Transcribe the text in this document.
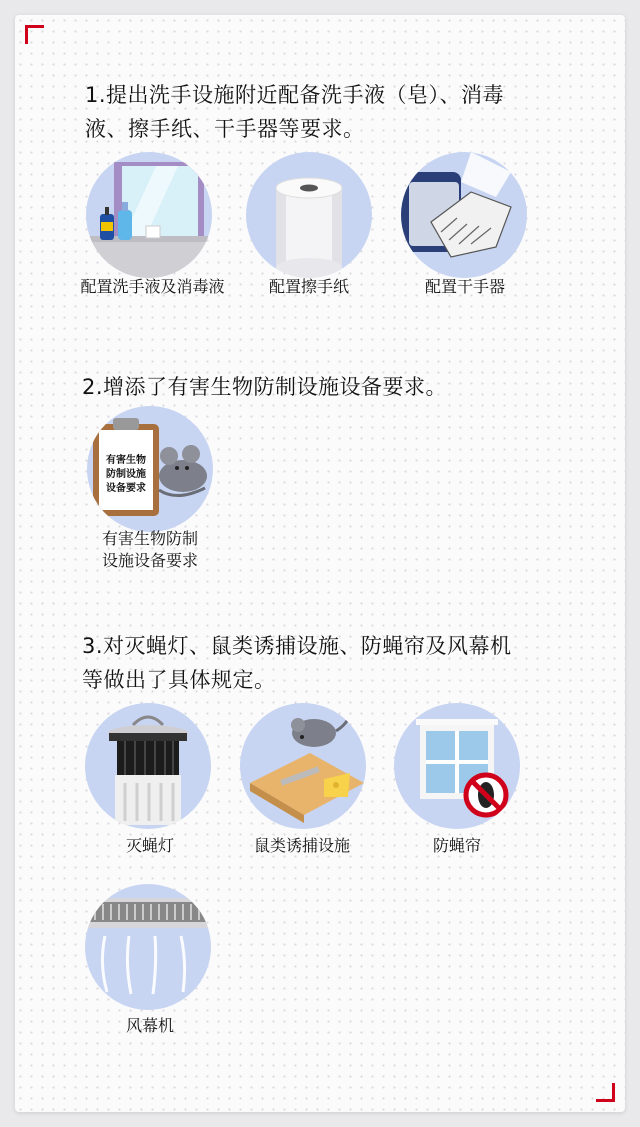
1.提出洗手设施附近配备洗手液（皂）、消毒
液、擦手纸、干手器等要求。
配置洗手液及消毒液	配置擦手纸	配置干手器
2.增添了有害生物防制设施设备要求。
有害生物
防制设施
设备要求
有害生物防制
设施设备要求
3.对灭蝇灯、鼠类诱捕设施、防蝇帘及风幕机
等做出了具体规定。
灭蝇灯	鼠类诱捕设施	防蝇帘
风幕机
